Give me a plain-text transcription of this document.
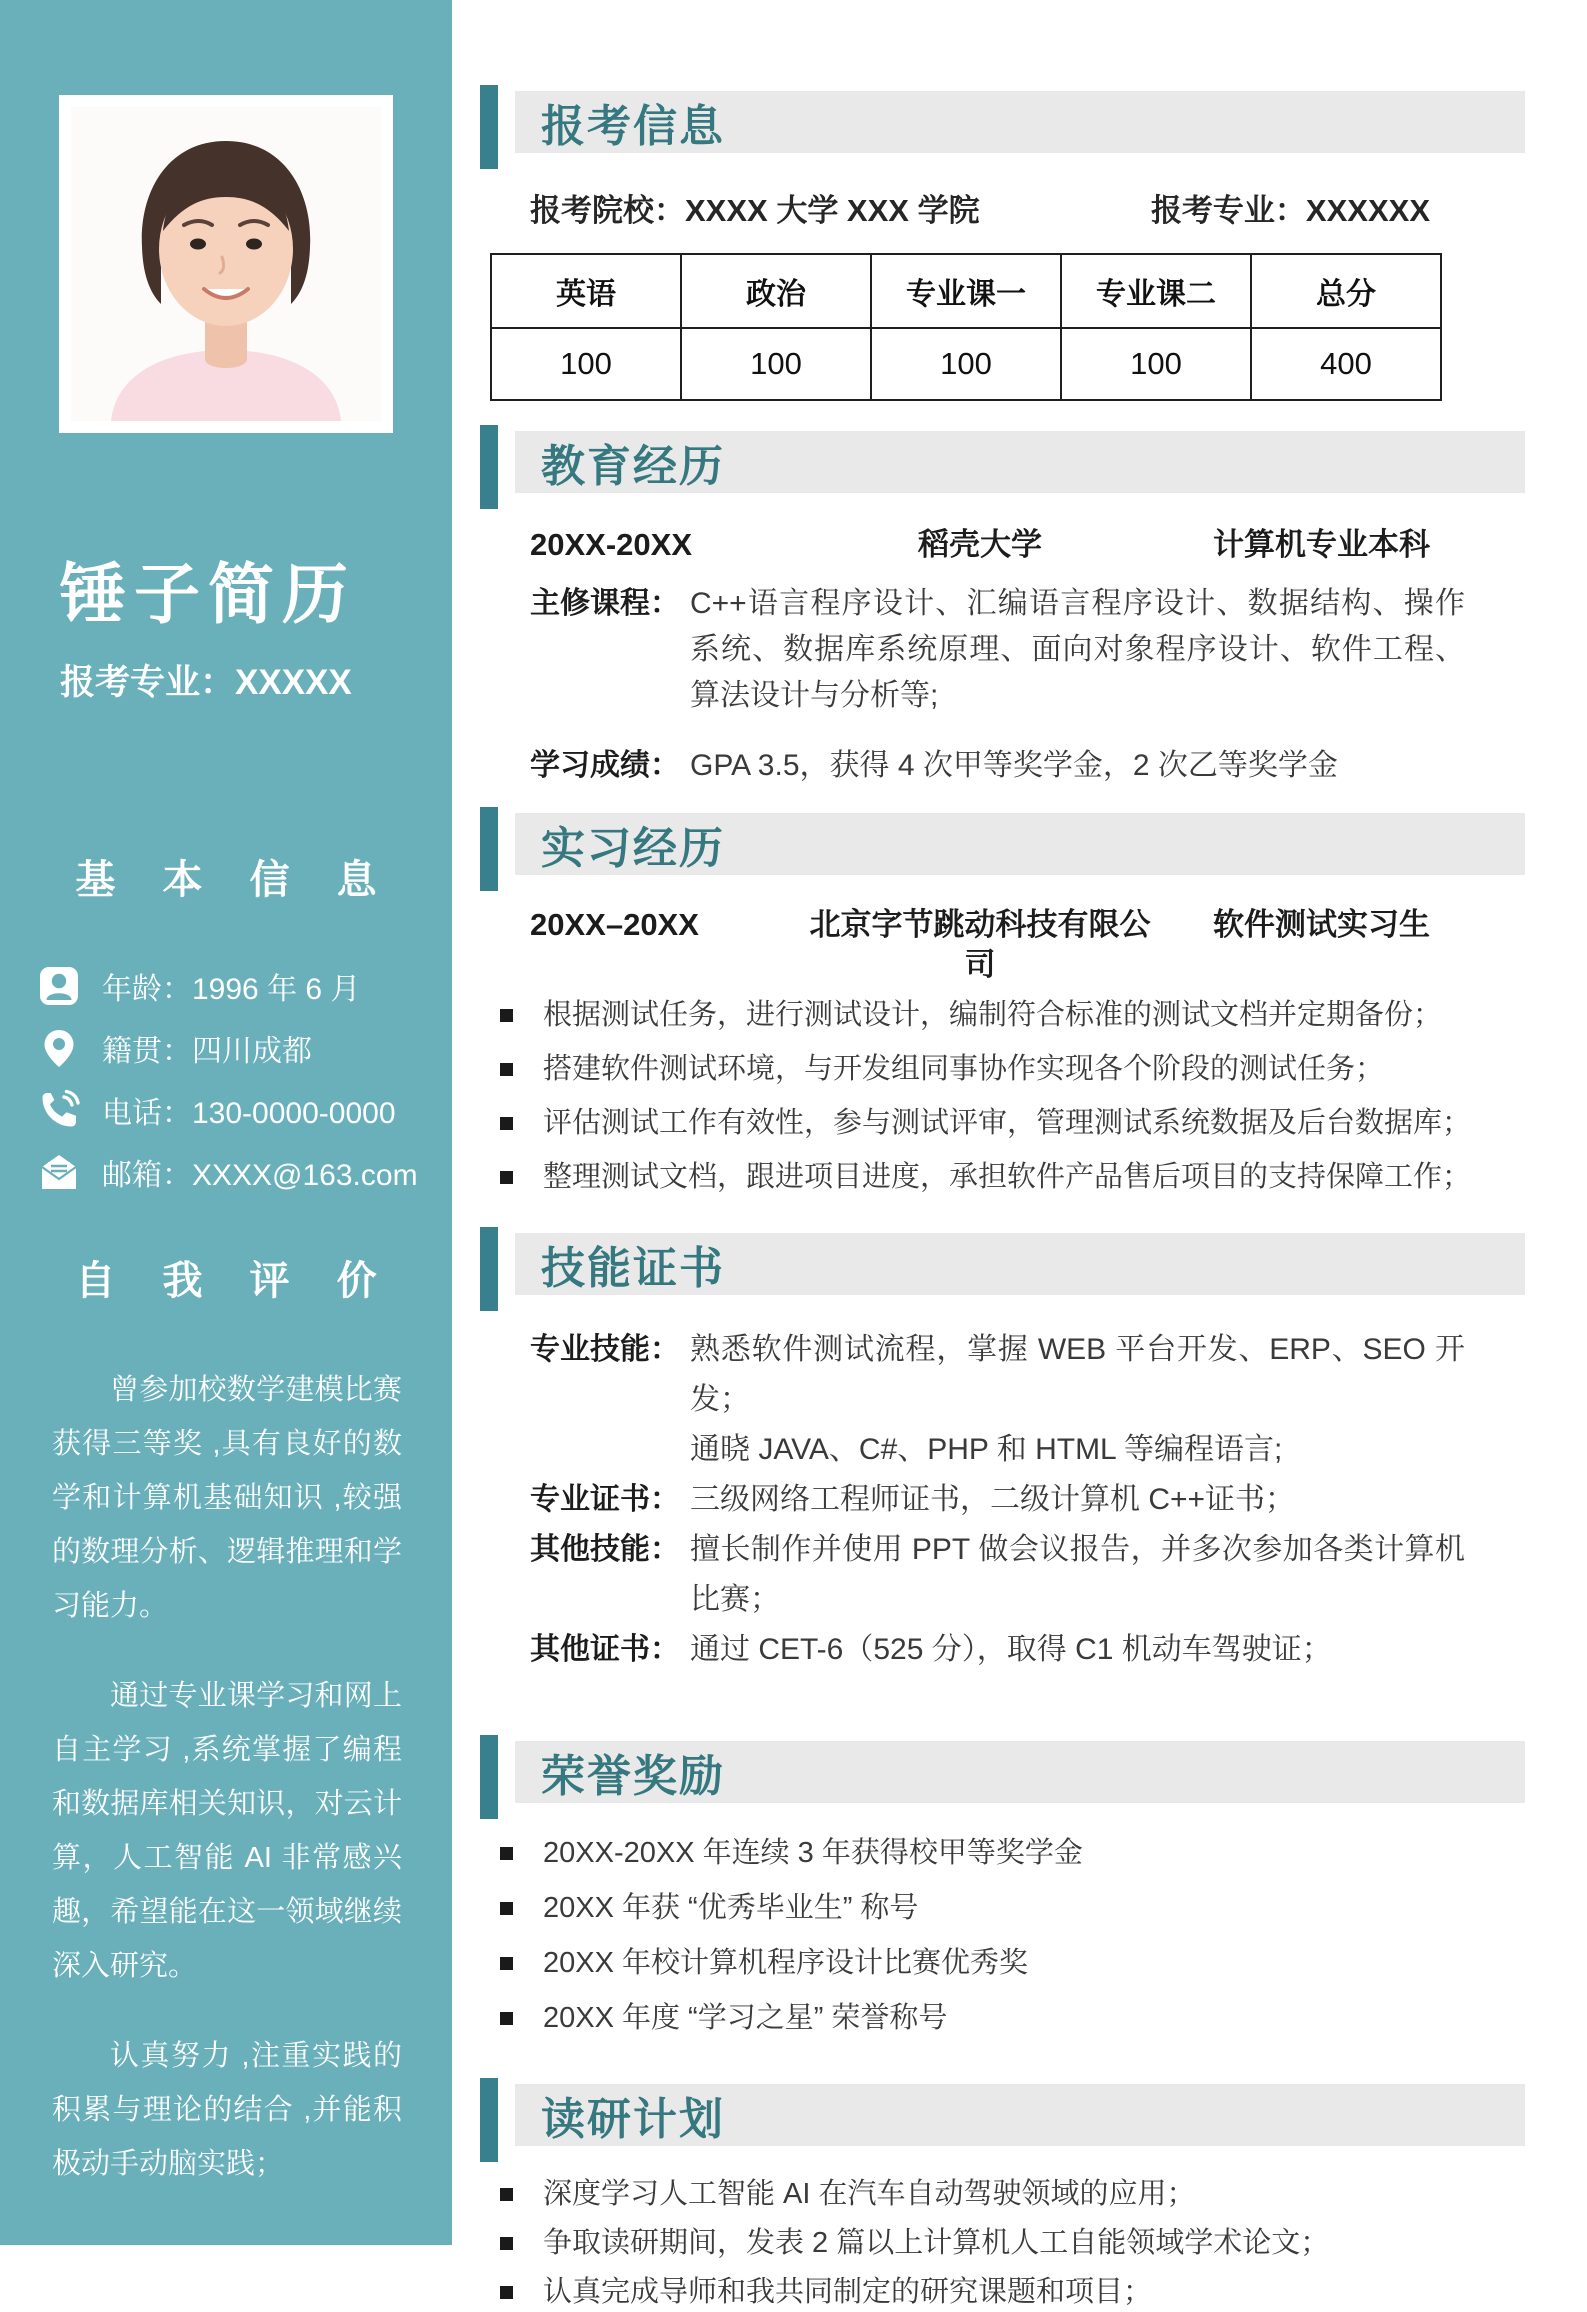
锤子简历
报考专业：XXXXX
基 本 信 息
年龄：1996 年 6 月
籍贯：四川成都
电话：130-0000-0000
邮箱：XXXX@163.com
自 我 评 价

曾参加校数学建模比赛获得三等奖 ,具有良好的数学和计算机基础知识 ,较强的数理分析、逻辑推理和学习能力。

通过专业课学习和网上自主学习 ,系统掌握了编程和数据库相关知识，对云计算，人工智能 AI 非常感兴趣，希望能在这一领域继续深入研究。

认真努力 ,注重实践的积累与理论的结合 ,并能积极动手动脑实践；

报考信息
报考院校：XXXX 大学 XXX 学院	报考专业：XXXXXX
英语	政治	专业课一	专业课二	总分
100	100	100	100	400
教育经历
20XX-20XX	稻壳大学	计算机专业本科
主修课程： C++语言程序设计、汇编语言程序设计、数据结构、操作系统、数据库系统原理、面向对象程序设计、软件工程、算法设计与分析等;
学习成绩： GPA 3.5，获得 4 次甲等奖学金，2 次乙等奖学金
实习经历
20XX–20XX	北京字节跳动科技有限公司
软件测试实习生
根据测试任务，进行测试设计，编制符合标准的测试文档并定期备份；
搭建软件测试环境，与开发组同事协作实现各个阶段的测试任务；
评估测试工作有效性，参与测试评审，管理测试系统数据及后台数据库；
整理测试文档，跟进项目进度，承担软件产品售后项目的支持保障工作；
技能证书
专业技能： 熟悉软件测试流程，掌握 WEB 平台开发、ERP、SEO 开发；
通晓 JAVA、C#、PHP 和 HTML 等编程语言;
专业证书： 三级网络工程师证书，二级计算机 C++证书；
其他技能： 擅长制作并使用 PPT 做会议报告，并多次参加各类计算机比赛；
其他证书： 通过 CET-6（525 分），取得 C1 机动车驾驶证；
荣誉奖励
20XX-20XX 年连续 3 年获得校甲等奖学金
20XX 年获 “优秀毕业生” 称号
20XX 年校计算机程序设计比赛优秀奖
20XX 年度 “学习之星” 荣誉称号
读研计划
深度学习人工智能 AI 在汽车自动驾驶领域的应用；
争取读研期间，发表 2 篇以上计算机人工自能领域学术论文；
认真完成导师和我共同制定的研究课题和项目；
